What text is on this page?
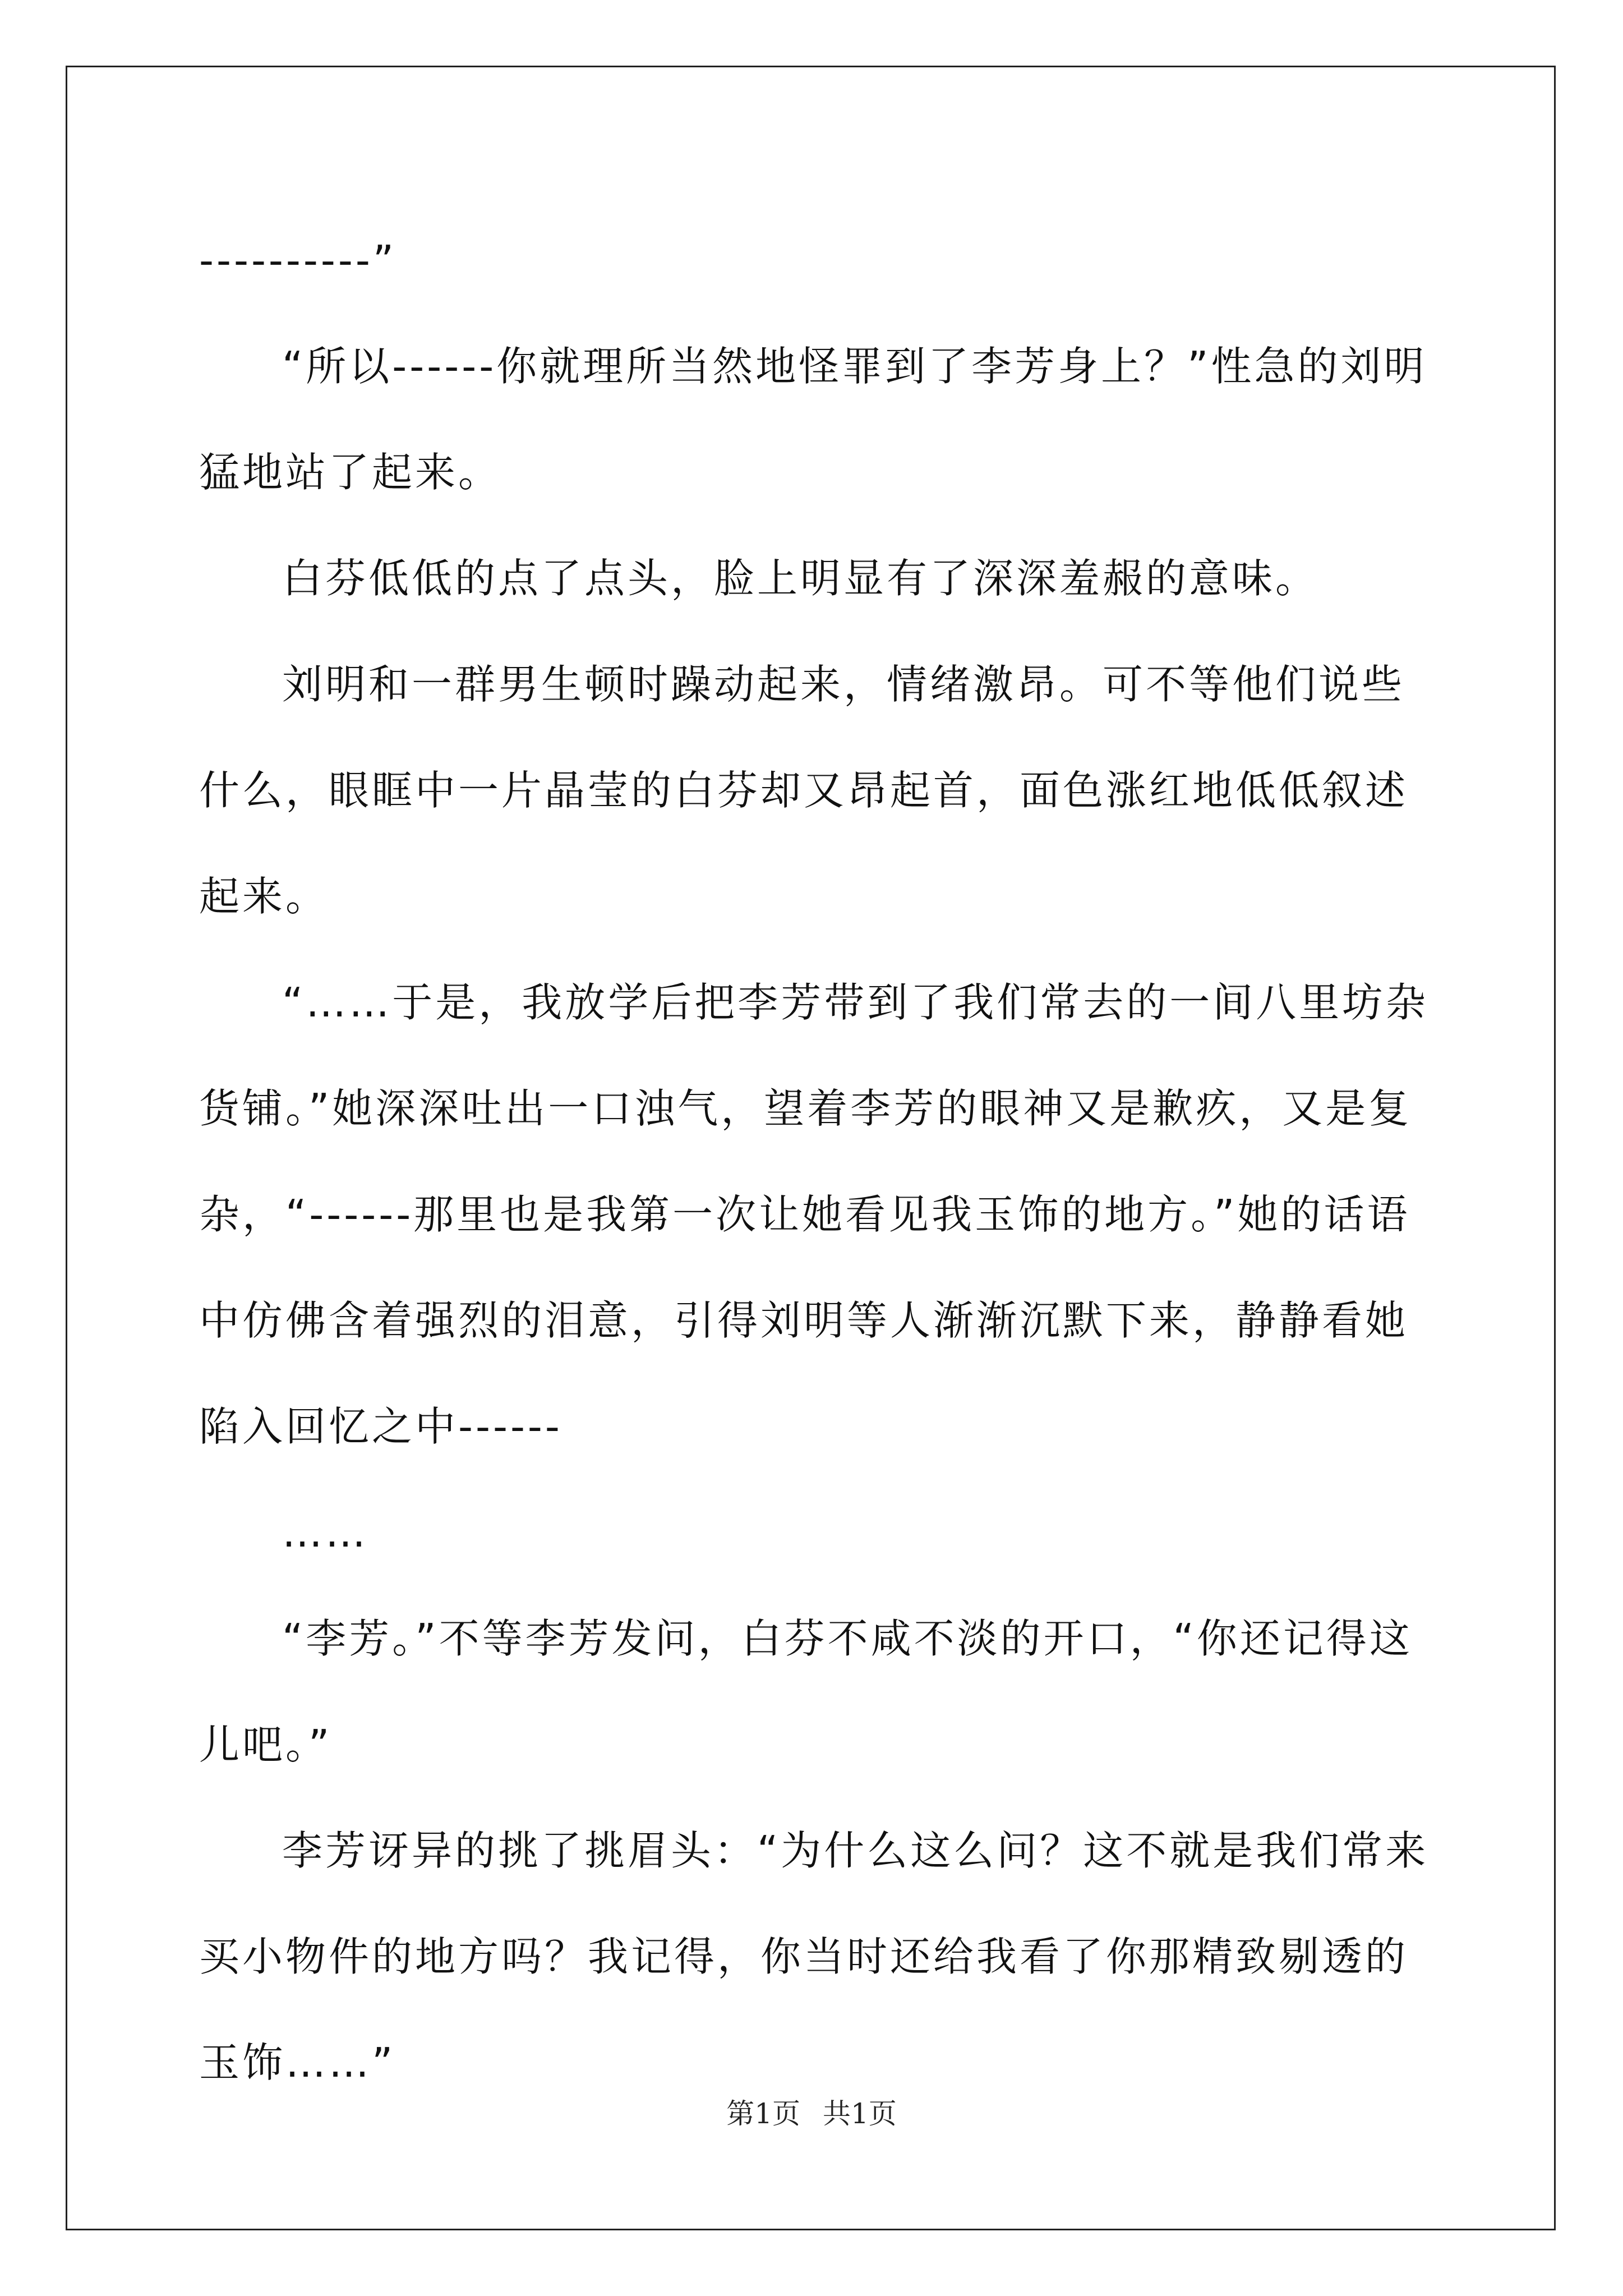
----------”

“所以------你就理所当然地怪罪到了李芳身上？”性急的刘明猛地站了起来。

白芬低低的点了点头，脸上明显有了深深羞赧的意味。

刘明和一群男生顿时躁动起来，情绪激昂。可不等他们说些什么，眼眶中一片晶莹的白芬却又昂起首，面色涨红地低低叙述起来。

“……于是，我放学后把李芳带到了我们常去的一间八里坊杂货铺。”她深深吐出一口浊气，望着李芳的眼神又是歉疚，又是复杂，“------那里也是我第一次让她看见我玉饰的地方。”她的话语中仿佛含着强烈的泪意，引得刘明等人渐渐沉默下来，静静看她陷入回忆之中------

……

“李芳。”不等李芳发问，白芬不咸不淡的开口，“你还记得这儿吧。”

李芳讶异的挑了挑眉头：“为什么这么问？这不就是我们常来买小物件的地方吗？我记得，你当时还给我看了你那精致剔透的玉饰……”

第1页 共1页
